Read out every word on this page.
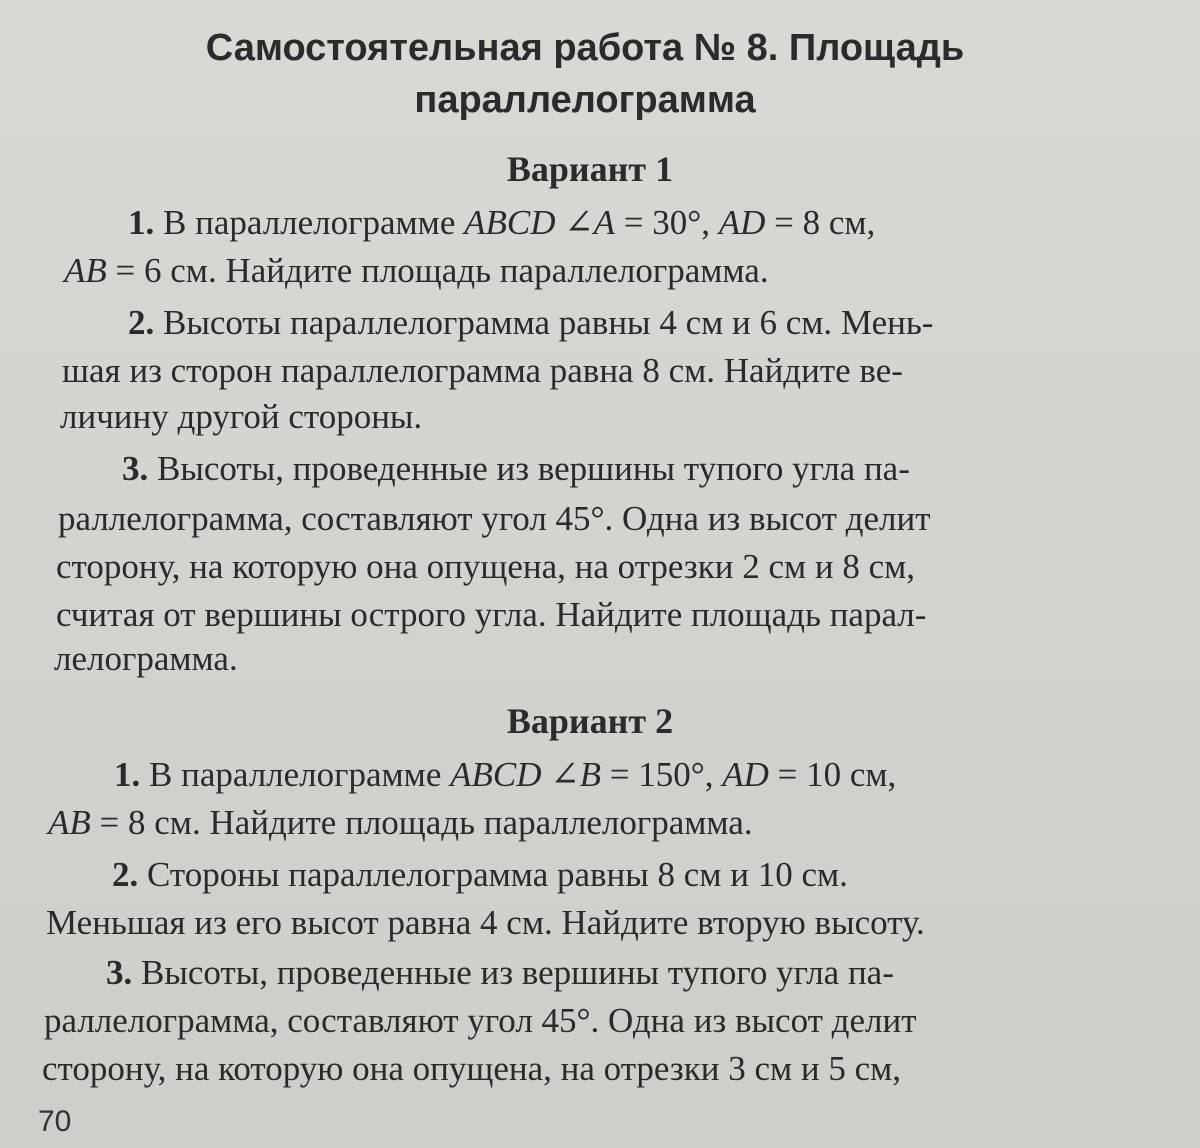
Самостоятельная работа № 8. Площадь
параллелограмма
Вариант 1
1. В параллелограмме ABCD ∠A = 30°, AD = 8 см,
AB = 6 см. Найдите площадь параллелограмма.
2. Высоты параллелограмма равны 4 см и 6 см. Мень-
шая из сторон параллелограмма равна 8 см. Найдите ве-
личину другой стороны.
3. Высоты, проведенные из вершины тупого угла па-
раллелограмма, составляют угол 45°. Одна из высот делит
сторону, на которую она опущена, на отрезки 2 см и 8 см,
считая от вершины острого угла. Найдите площадь парал-
лелограмма.
Вариант 2
1. В параллелограмме ABCD ∠B = 150°, AD = 10 см,
AB = 8 см. Найдите площадь параллелограмма.
2. Стороны параллелограмма равны 8 см и 10 см.
Меньшая из его высот равна 4 см. Найдите вторую высоту.
3. Высоты, проведенные из вершины тупого угла па-
раллелограмма, составляют угол 45°. Одна из высот делит
сторону, на которую она опущена, на отрезки 3 см и 5 см,
70
